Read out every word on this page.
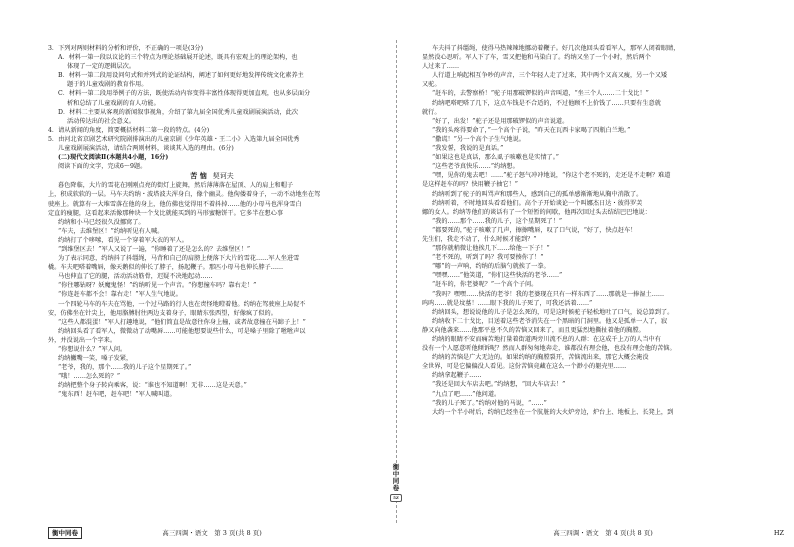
3．下列对两则材料的分析和评价，不正确的一项是(3分)
A．材料一第一段以议论的三个特点为理论基础展开论述，既具有宏观上的理论架构，也
体现了一定的逻辑层次。
B．材料一第二段用设问句式和并列式的论证结构，阐述了如何更好地发挥传统文化素养主
题于的儿童戏剧的教育作用。
C．材料一第二段用举例子的方法，既使活动内容变得丰富性体现得更加直观，也从多层面分
析和总结了儿童戏剧的育人功能。
D．材料二主要从客观的新闻叙事视角，介绍了第九届全国优秀儿童戏剧展演活动，此次
活动传达出的社会意义。
4．请从新闻的角度，简要概括材料二第一段的特点。(4分)
5．由河北省京剧艺术研究院剧排演出的儿童京剧《少年英雄・王二小》入选第九届全国优秀
儿童戏剧展演活动，请结合两则材料，谈谈其入选的理由。(6分)
(二)现代文阅读Ⅱ(本题共4小题，16分)
阅读下面的文字，完成6～9题。
苦 恼 契诃夫
暮色降临，大片的雪花在刚刚点亮的街灯上旋舞，然后薄薄落在屋顶、人的肩上和帽子
上，积成软软的一层。马车夫约纳・波塔波夫浑身白，像个幽灵。他佝偻着身子，一动不动地坐在驾
驶座上。就算有一大堆雪落在他的身上，他仿佛也觉得用不着抖掉……他的小母马也浑身雪白
定直的瘦腿，这看起来活像那种块一个戈比就能买到的马形蜜糖饼干。它多半在想心事
约纳和小马已经很久没挪窝了。
“车夫，去维堡区！”约纳听见有人喊。
约纳打了个哆嗦，看见一个穿着军大衣的军人。
“到维堡区去！”军人又说了一遍，“你睡着了还是怎么的？去维堡区！”
为了表示同意，约纳抖了抖缰绳，马背和自己的肩膀上便落下大片的雪花……军人坐进雪
橇。车夫吧嗒着嘴唇，像天鹅似的伸长了脖子，扬起鞭子。那匹小母马也伸长脖子……
马也伸直了它的腿，活动活动筋骨，迟疑不决地起动……
“你往哪钻呀？妖魔鬼怪！”约纳听见一个声音。“你想撞车吗？靠右走！”
“你连赶车都不会！靠右走！”军人生气地说。
一个四轮马车的车夫在骂他，一个过马路的行人也在责怪地瞪着他。约纳在驾驶座上局促不
安，仿佛坐在针尖上，他用胳膊肘往两边支着身子，眼睛东张西望，好像疯了似的。
“这些人都混蛋！”军人打趣地说，“他们简直是故意往你身上撞，或者故意撞在马蹄子上！”
约纳回头看了看军人，微微动了动嘴唇……可能他想要说些什么，可是嗓子里除了咝咝声以
外，并没说出一个字来。
“你想说什么？”军人问。
约纳撇嘴一笑，嗓子发紧，
“老爷，我的，那个……我的儿子这个星期死了。”
“哦！……怎么死的？”
约纳把整个身子转向乘客，说：“谁也不知道啊！无非……这是天意。”
“鬼东西！赶车吧，赶车吧！”军人喊叫道。
车夫抖了抖缰绳，使得马热辣辣地挪动着鞭子。好几次他回头看看军人，那军人闭着眼睛，
显然没心思听。军人下了车，雪又把他和马染白了。约纳又坐了一个小时，然后两个
人过来了……
人行道上响起相互争吵的声音，三个年轻人走了过来，其中两个又高又瘦，另一个又矮
又驼。
“赶车的，去警察桥！”驼子用那破锣似的声音叫道，“坐三个人……二十戈比！”
约纳吧嗒吧嗒了几下，这点车钱是不合适的，不过他顾不上价钱了……只要有生意就
就行。
“好了，出发！”驼子还是用那破锣似的声音说道。
“我的头疼得要命了，”一个高个子说，“昨天在瓦西卡家喝了四瓶白兰地。”
“撒谎！”另一个高个子生气地说。
“我发誓，我说的是真话。”
“如果这也是真话，那么虱子咳嗽也是实情了。”
“这些老爷真快乐……”约纳想。
“嘿，见你的鬼去吧！……”驼子怒气冲冲地说，“你这个老不死的，走还是不走啊？难道
是这样赶车的吗？快用鞭子抽它！”
约纳听到了驼子的叫骂声和那些人，感到自己的孤单感渐渐地从胸中消散了。
约纳听着，不时地回头看看他们。高个子开始谈论一个叫娜杰日达・彼得罗芙
娜的女人。约纳等他们的谈话有了一个短暂的间歇，他再次回过头去结结巴巴地说：
“我的……那个……我的儿子，这个星期死了！”
“都要死的，”驼子咳嗽了几声，擦擦嘴唇，叹了口气说，“好了，快点赶车！
先生们，我走不动了，什么时候才能到？”
“那你就稍微让他挨几下……给他一下子！”
“老不死的，听到了吗？我可要揍你了！”
“哪”的一声响，约纳的后脑勺就挨了一拳。
“嘿嘿……”他笑道，“你们这些快活的老爷……”
“赶车的，你老婆呢？”一个高个子问。
“我吗？嘿嘿……快活的老爷！我的老婆现在只有一样东西了……那就是一捧湿土……
呜呜……就是坟墓！……眼下我的儿子死了，可我还活着……”
约纳回头，想说说他的儿子是怎么死的，可是这时候驼子轻松地吐了口气，说总算到了。
约纳收下二十戈比，目送着这些老爷消失在一个黑暗的门洞里。他又是孤单一人了，寂
静又向他袭来……他那平息不久的苦恼又回来了，而且更猛烈地撕扯着他的胸膛。
约纳的眼睛不安而痛苦地打量着街道两旁川流不息的人群：在这成千上万的人当中有
没有一个人愿意听他倾诉呢？然而人群匆匆地奔走，谁都没有理会他，也没有理会他的苦恼。
约纳的苦恼是广大无边的。如果约纳的胸膛裂开，苦恼流出来，那它大概会淹没
全世界，可是它偏偏没人看见。这份苦恼竟藏在这么一个渺小的躯壳里……
约纳拿起鞭子……
“我还是回大车店去吧。”约纳想，“回大车店去！”
“九点了吧……”他问道。
“我的儿子死了。”约纳对他的马说，“……”
大约一个半小时后，约纳已经坐在一个肮脏的大火炉旁边，炉台上、地板上、长凳上，到
衡
中
同
卷
5Z
衡中同卷	高三四调・语文　第 3 页(共 8 页)	高三四调・语文　第 4 页(共 8 页)	HZ
